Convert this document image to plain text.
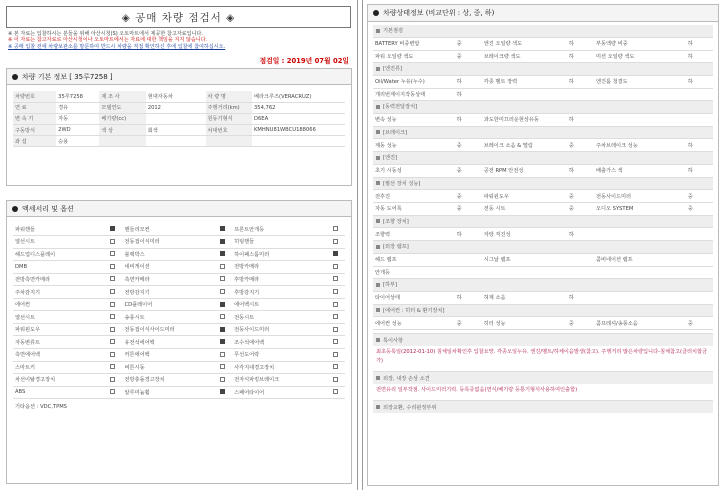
◈ 공매 차량 점검서 ◈
※ 본 자료는 입찰하시는 분들을 위해 아산시청(S) 오토마트에서 제공한 참고자료입니다.
※ 이 자료는 참고자료로 아산시청이나 오토마트에서는 자료에 대한 책임을 지지 않습니다.
※ 공매 입찰 전에 차량보관소를 방문하여 반드시 차량을 직접 확인하신 후에 입찰에 참여하십시오.
점검일 : 2019년 07월 02일
차량 기본 정보 [ 35루7258 ]
차량번호	35루7258	제 조 사	현대자동차	차 량 명	베라크루즈(VERACRUZ)
연 료	경유	모델연도	2012	주행거리(km)	354,762
변 속 기	자동	배기량(cc)		원동기형식	D6EA
구동방식	2WD	색 상	회색	차대번호	KMHNU81WBCU188066
좌 섭	승용				
액세서리 및 옵션
파워핸들		핸들리모컨		프론트안개등	
열선시트		전동접이식미러		히팅핸들	
헤드업디스플레이		블랙박스		하이패스룸미러	
DMB		네비게이션		전방카메라	
전방측면카메라		측면카메라		후방카메라	
주차감지기		전방감지기		후방감지기	
에어컨		CD플레이어		에어백시트	
열선시트		송풍시트		전동시트	
파워윈도우		전동접이식사이드미러		전동사이드미러	
자동변류트		유전석에어백		조수석에어백	
측면에어백		커튼에어백		무선도어락	
스마트키		버튼시동		사각지대경고장치	
차선이탈경고장치		전방충돌경고장치		전자식파킹브레이크	
ABS		알루미늄휠		스페어타이어	
기타옵션 : VDC,TPMS
차량상태정보 (비교단위 : 상, 중, 하)
기본점검
BATTERY 비중변압	중	엔진 오일량 색도	하	부동액량 비중	하
파워 오일량 색도	중	브레이크량 색도	하	미션 오일량 색도	하
[엔진류]
Oil/Water 누유(누수)	하	각종 벨트 장력	하	엔진룸 청결도	하
개리번계이지작동상태	하				
[동력전달장치]
변속 성능	하	과도한미끄러운현상유동	하		
[브레이크]
제동 성능	중	브레이크 소음 & 떨림	중	주차브레이크 성능	하
[엔진]
초기 시동성	중	공전 RPM 안전성	하	배출가스 색	하
[필선 장치 성능]
전후진	중	파워윈도우	중	전동사이드미러	중
자동 도어록	중	전동 시트	중	오디오 SYSTEM	중
[조향 장치]
조향력	하	자랑 직진성	하		
[외장 램프]
헤드 램프		시그날 램프		콤비네이션 램프	
안개등					
[하부]
타이어상태	하	허제 소음	하		
[에어컨 : 히터 & 환기장치]
에어컨 성능	중	히터 성능	중	콤프레셔/송풍소음	중
특이사항
최초등록일(2012-01-10) 침체일차확인후 입찰요망. 각종오일누유. 엔진/벨트/하체이음발생(참고). 주행거리 많은차량입니다-침체참고(클러치합금가)
외장, 내장 손상 소견
전면유리 일부작점. 사이드미러기럭. 등록증없음(면식/배기량 등통기형식사용하여인출함)
외장교환, 수리판정부위
